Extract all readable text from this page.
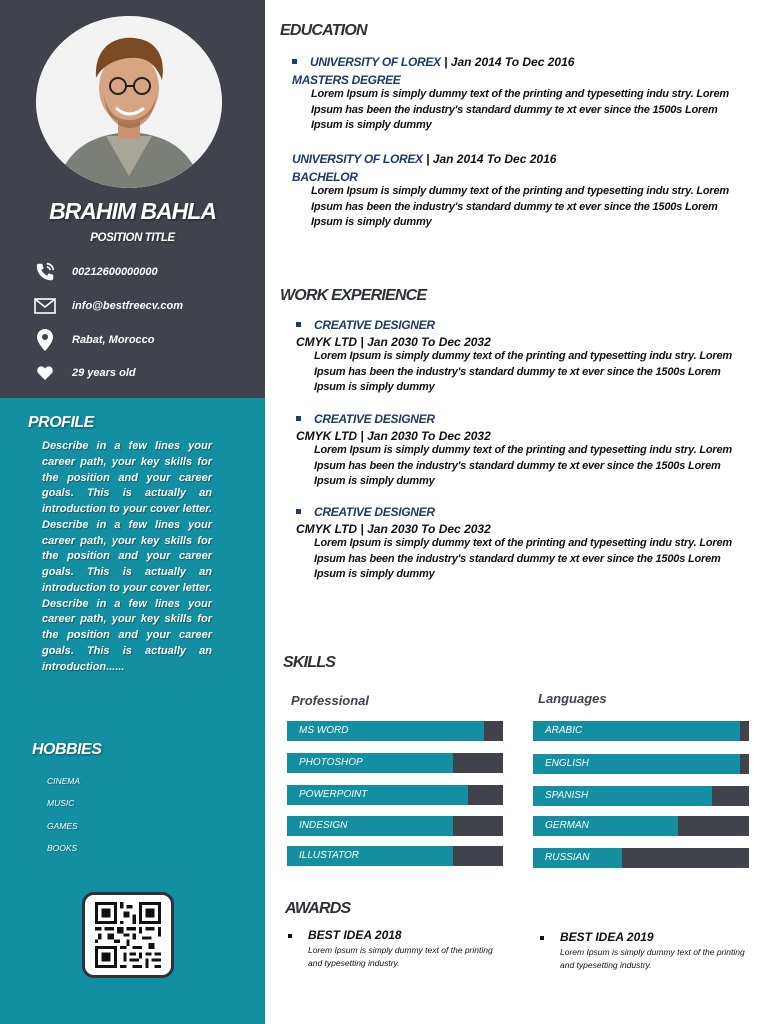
BRAHIM BAHLA
POSITION TITLE
00212600000000
info@bestfreecv.com
Rabat, Morocco
29 years old
PROFILE
Describe in a few lines your career path, your key skills for the position and your career goals. This is actually an introduction to your cover letter. Describe in a few lines your career path, your key skills for the position and your career goals. This is actually an introduction to your cover letter. Describe in a few lines your career path, your key skills for the position and your career goals. This is actually an introduction......
HOBBIES
CINEMA
MUSIC
GAMES
BOOKS
EDUCATION
UNIVERSITY OF LOREX | Jan 2014 To Dec 2016
MASTERS DEGREE
Lorem Ipsum is simply dummy text of the printing and typesetting indu stry. Lorem Ipsum has been the industry's standard dummy te xt ever since the 1500s Lorem Ipsum is simply dummy
UNIVERSITY OF LOREX | Jan 2014 To Dec 2016
BACHELOR
Lorem Ipsum is simply dummy text of the printing and typesetting indu stry. Lorem Ipsum has been the industry's standard dummy te xt ever since the 1500s Lorem Ipsum is simply dummy
WORK EXPERIENCE
CREATIVE DESIGNER
CMYK LTD | Jan 2030 To Dec 2032
Lorem Ipsum is simply dummy text of the printing and typesetting indu stry. Lorem Ipsum has been the industry's standard dummy te xt ever since the 1500s Lorem Ipsum is simply dummy
CREATIVE DESIGNER
CMYK LTD | Jan 2030 To Dec 2032
Lorem Ipsum is simply dummy text of the printing and typesetting indu stry. Lorem Ipsum has been the industry's standard dummy te xt ever since the 1500s Lorem Ipsum is simply dummy
CREATIVE DESIGNER
CMYK LTD | Jan 2030 To Dec 2032
Lorem Ipsum is simply dummy text of the printing and typesetting indu stry. Lorem Ipsum has been the industry's standard dummy te xt ever since the 1500s Lorem Ipsum is simply dummy
SKILLS
Professional	Languages
MS WORD
PHOTOSHOP
POWERPOINT
INDESIGN
ILLUSTATOR
ARABIC
ENGLISH
SPANISH
GERMAN
RUSSIAN
AWARDS
BEST IDEA 2018
Lorem Ipsum is simply dummy text of the printing and typesetting industry.
BEST IDEA 2019
Lorem Ipsum is simply dummy text of the printing and typesetting industry.
